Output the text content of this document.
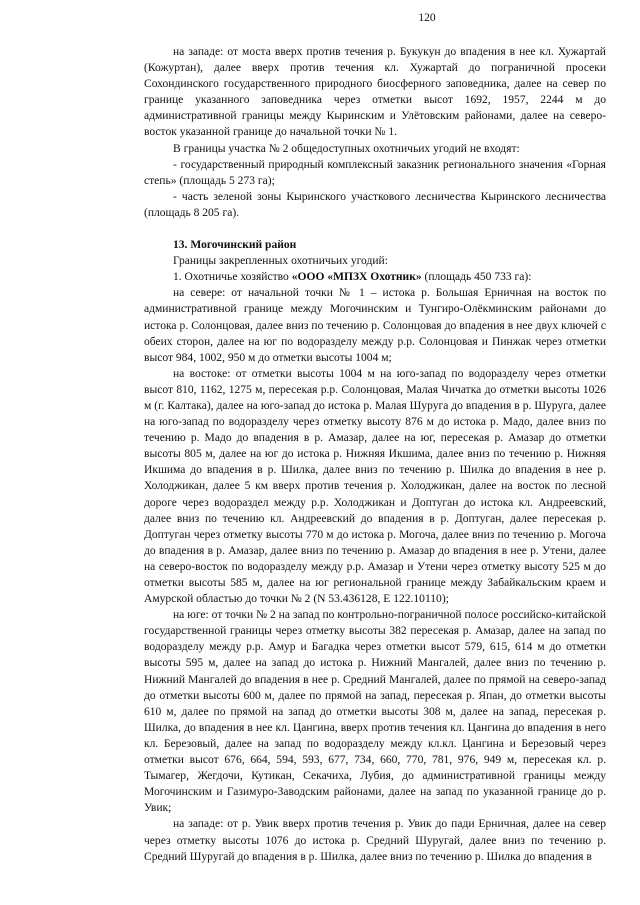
120

на западе: от моста вверх против течения р. Букукун до впадения в нее кл. Хужартай (Кожуртан), далее вверх против течения кл. Хужартай до пограничной просеки Сохондинского государственного природного биосферного заповедника, далее на север по границе указанного заповедника через отметки высот 1692, 1957, 2244 м до административной границы между Кыринским и Улётовским районами, далее на северо-восток указанной границе до начальной точки № 1.

В границы участка № 2 общедоступных охотничьих угодий не входят:

- государственный природный комплексный заказник регионального значения «Горная степь» (площадь 5 273 га);

- часть зеленой зоны Кыринского участкового лесничества Кыринского лесничества (площадь 8 205 га).

13. Могочинский район

Границы закрепленных охотничьих угодий:

1. Охотничье хозяйство «ООО «МПЗХ Охотник» (площадь 450 733 га):

на севере: от начальной точки № 1 – истока р. Большая Ерничная на восток по административной границе между Могочинским и Тунгиро-Олёкминским районами до истока р. Солонцовая, далее вниз по течению р. Солонцовая до впадения в нее двух ключей с обеих сторон, далее на юг по водоразделу между р.р. Солонцовая и Пинжак через отметки высот 984, 1002, 950 м до отметки высоты 1004 м;

на востоке: от отметки высоты 1004 м на юго-запад по водоразделу через отметки высот 810, 1162, 1275 м, пересекая р.р. Солонцовая, Малая Чичатка до отметки высоты 1026 м (г. Калтака), далее на юго-запад до истока р. Малая Шуруга до впадения в р. Шуруга, далее на юго-запад по водоразделу через отметку высоту 876 м до истока р. Мадо, далее вниз по течению р. Мадо до впадения в р. Амазар, далее на юг, пересекая р. Амазар до отметки высоты 805 м, далее на юг до истока р. Нижняя Икшима, далее вниз по течению р. Нижняя Икшима до впадения в р. Шилка, далее вниз по течению р. Шилка до впадения в нее р. Холоджикан, далее 5 км вверх против течения р. Холоджикан, далее на восток по лесной дороге через водораздел между р.р. Холоджикан и Доптуган до истока кл. Андреевский, далее вниз по течению кл. Андреевский до впадения в р. Доптуган, далее пересекая р. Доптуган через отметку высоты 770 м до истока р. Могоча, далее вниз по течению р. Могоча до впадения в р. Амазар, далее вниз по течению р. Амазар до впадения в нее р. Утени, далее на северо-восток по водоразделу между р.р. Амазар и Утени через отметку высоту 525 м до отметки высоты 585 м, далее на юг региональной границе между Забайкальским краем и Амурской областью до точки № 2 (N 53.436128, E 122.10110);

на юге: от точки № 2 на запад по контрольно-пограничной полосе российско-китайской государственной границы через отметку высоты 382 пересекая р. Амазар, далее на запад по водоразделу между р.р. Амур и Багадка через отметки высот 579, 615, 614 м до отметки высоты 595 м, далее на запад до истока р. Нижний Мангалей, далее вниз по течению р. Нижний Мангалей до впадения в нее р. Средний Мангалей, далее по прямой на северо-запад до отметки высоты 600 м, далее по прямой на запад, пересекая р. Япан, до отметки высоты 610 м, далее по прямой на запад до отметки высоты 308 м, далее на запад, пересекая р. Шилка, до впадения в нее кл. Цангина, вверх против течения кл. Цангина до впадения в него кл. Березовый, далее на запад по водоразделу между кл.кл. Цангина и Березовый через отметки высот 676, 664, 594, 593, 677, 734, 660, 770, 781, 976, 949 м, пересекая кл. р. Тымагер, Жегдочи, Кутикан, Секачиха, Лубия, до административной границы между Могочинским и Газимуро-Заводским районами, далее на запад по указанной границе до р. Увик;

на западе: от р. Увик вверх против течения р. Увик до пади Ерничная, далее на север через отметку высоты 1076 до истока р. Средний Шуругай, далее вниз по течению р. Средний Шуругай до впадения в р. Шилка, далее вниз по течению р. Шилка до впадения в
